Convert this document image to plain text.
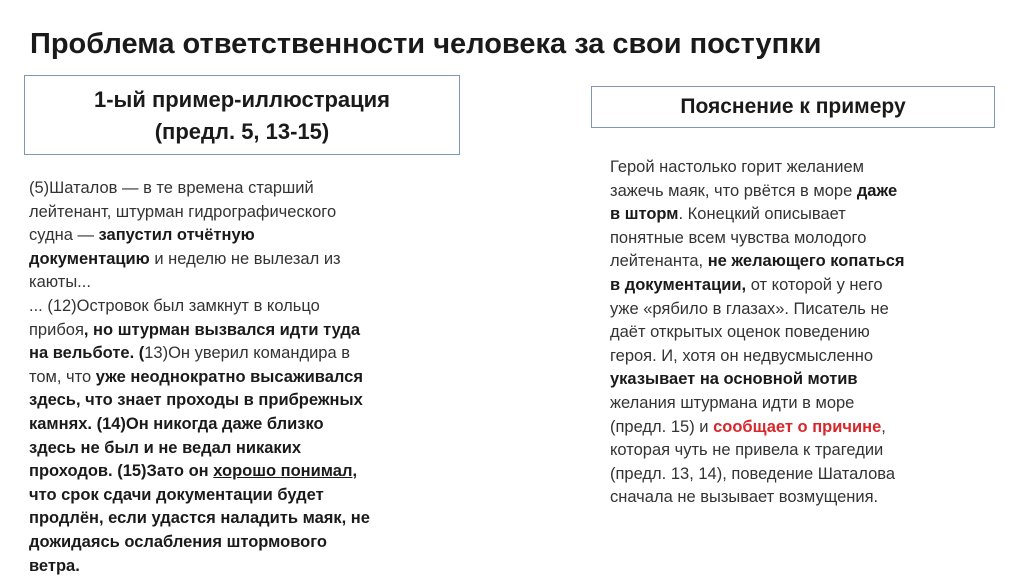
Проблема ответственности человека за свои поступки
1-ый пример-иллюстрация
(предл. 5, 13-15)
Пояснение к примеру
(5)Шаталов — в те времена старший
лейтенант, штурман гидрографического
судна — запустил отчётную
документацию и неделю не вылезал из
каюты...
... (12)Островок был замкнут в кольцо
прибоя, но штурман вызвался идти туда
на вельботе. (13)Он уверил командира в
том, что уже неоднократно высаживался
здесь, что знает проходы в прибрежных
камнях. (14)Он никогда даже близко
здесь не был и не ведал никаких
проходов. (15)Зато он хорошо понимал,
что срок сдачи документации будет
продлён, если удастся наладить маяк, не
дожидаясь ослабления штормового
ветра.
Герой настолько горит желанием
зажечь маяк, что рвётся в море даже
в шторм. Конецкий описывает
понятные всем чувства молодого
лейтенанта, не желающего копаться
в документации, от которой у него
уже «рябило в глазах». Писатель не
даёт открытых оценок поведению
героя. И, хотя он недвусмысленно
указывает на основной мотив
желания штурмана идти в море
(предл. 15) и сообщает о причине,
которая чуть не привела к трагедии
(предл. 13, 14), поведение Шаталова
сначала не вызывает возмущения.
